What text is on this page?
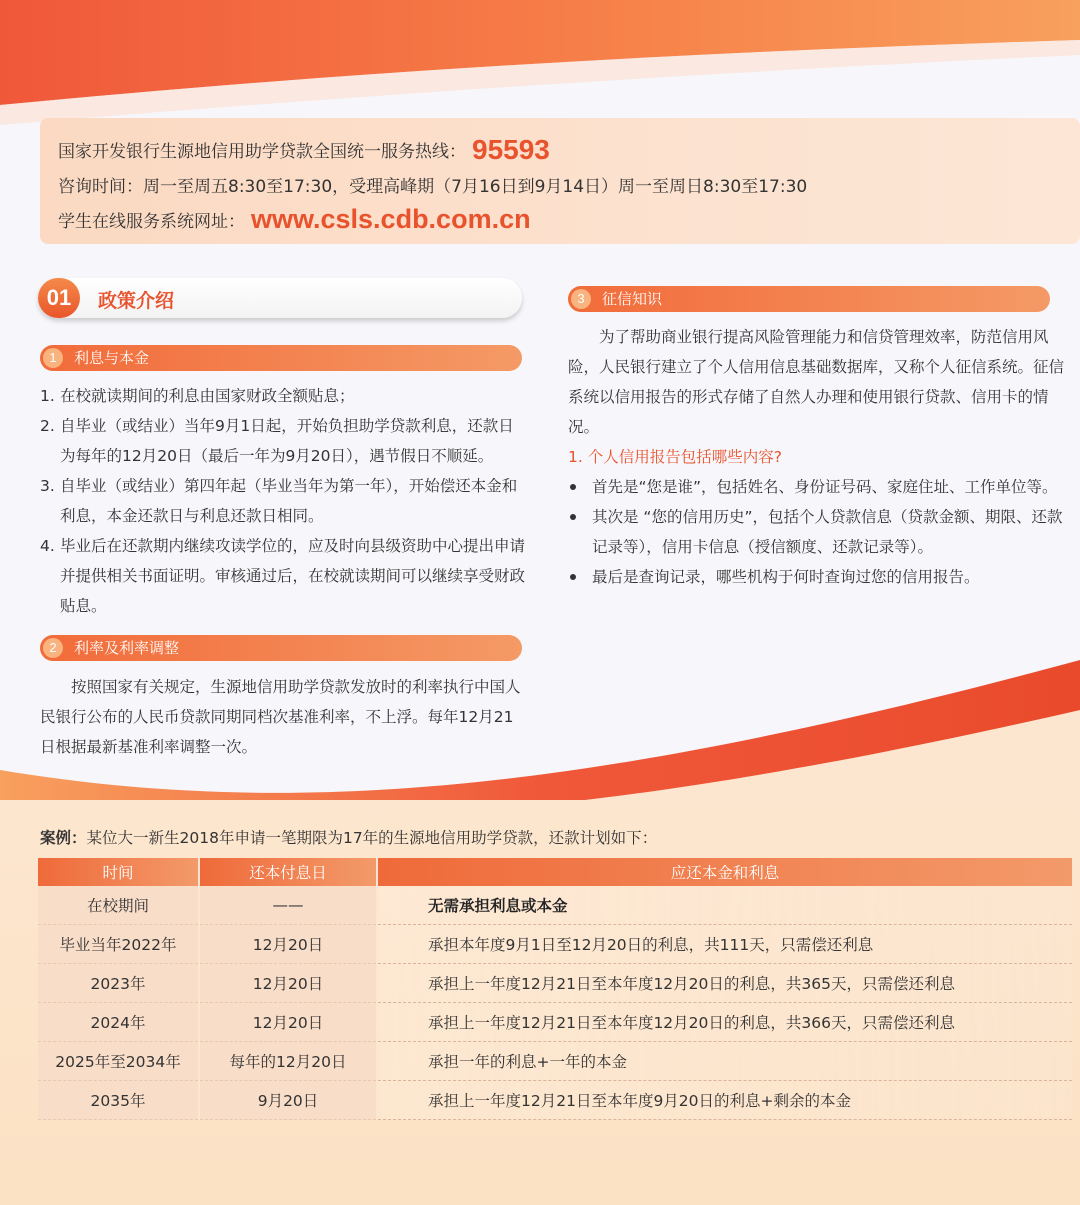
国家开发银行生源地信用助学贷款全国统一服务热线： 95593
咨询时间：周一至周五8:30至17:30，受理高峰期（7月16日到9月14日）周一至周日8:30至17:30
学生在线服务系统网址： www.csls.cdb.com.cn
01	政策介绍
1	利息与本金
1. 在校就读期间的利息由国家财政全额贴息；
2. 自毕业（或结业）当年9月1日起，开始负担助学贷款利息，还款日为每年的12月20日（最后一年为9月20日），遇节假日不顺延。
3. 自毕业（或结业）第四年起（毕业当年为第一年），开始偿还本金和利息，本金还款日与利息还款日相同。
4. 毕业后在还款期内继续攻读学位的，应及时向县级资助中心提出申请并提供相关书面证明。审核通过后，在校就读期间可以继续享受财政贴息。
2	利率及利率调整
按照国家有关规定，生源地信用助学贷款发放时的利率执行中国人民银行公布的人民币贷款同期同档次基准利率，不上浮。每年12月21日根据最新基准利率调整一次。
3	征信知识
为了帮助商业银行提高风险管理能力和信贷管理效率，防范信用风险，人民银行建立了个人信用信息基础数据库，又称个人征信系统。征信系统以信用报告的形式存储了自然人办理和使用银行贷款、信用卡的情况。
1. 个人信用报告包括哪些内容?
首先是“您是谁”，包括姓名、身份证号码、家庭住址、工作单位等。
其次是 “您的信用历史”，包括个人贷款信息（贷款金额、期限、还款记录等），信用卡信息（授信额度、还款记录等）。
最后是查询记录，哪些机构于何时查询过您的信用报告。
案例：某位大一新生2018年申请一笔期限为17年的生源地信用助学贷款，还款计划如下：
时间		还本付息日		应还本金和利息
在校期间		——		无需承担利息或本金
毕业当年2022年		12月20日		承担本年度9月1日至12月20日的利息，共111天，只需偿还利息
2023年		12月20日		承担上一年度12月21日至本年度12月20日的利息，共365天，只需偿还利息
2024年		12月20日		承担上一年度12月21日至本年度12月20日的利息，共366天，只需偿还利息
2025年至2034年		每年的12月20日		承担一年的利息+一年的本金
2035年		9月20日		承担上一年度12月21日至本年度9月20日的利息+剩余的本金
